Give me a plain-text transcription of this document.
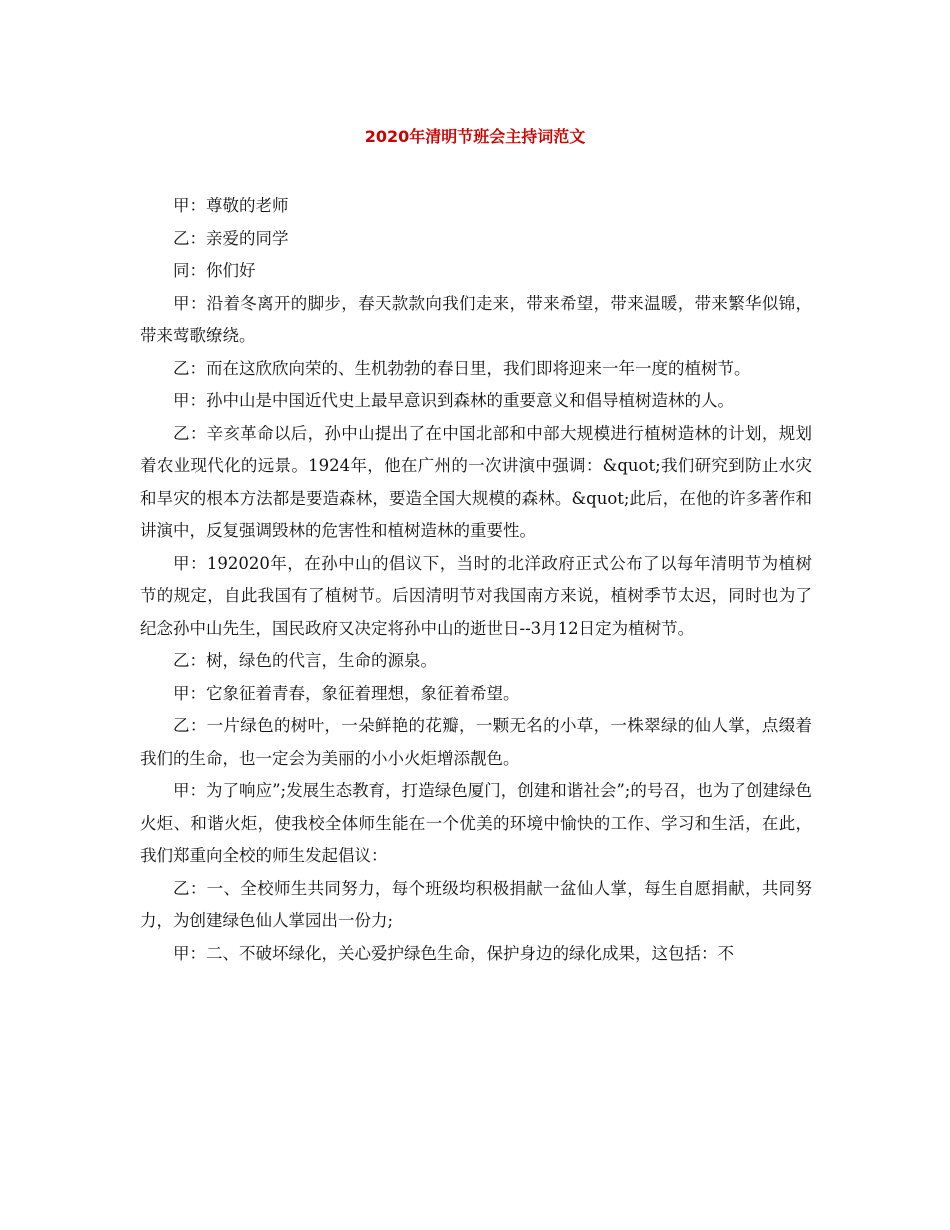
2020年清明节班会主持词范文

甲：尊敬的老师

乙：亲爱的同学

同：你们好

甲：沿着冬离开的脚步，春天款款向我们走来，带来希望，带来温暖，带来繁华似锦，带来莺歌缭绕。

乙：而在这欣欣向荣的、生机勃勃的春日里，我们即将迎来一年一度的植树节。

甲：孙中山是中国近代史上最早意识到森林的重要意义和倡导植树造林的人。

乙：辛亥革命以后，孙中山提出了在中国北部和中部大规模进行植树造林的计划，规划着农业现代化的远景。1924年，他在广州的一次讲演中强调：&quot;我们研究到防止水灾和旱灾的根本方法都是要造森林，要造全国大规模的森林。&quot;此后，在他的许多著作和讲演中，反复强调毁林的危害性和植树造林的重要性。

甲：192020年，在孙中山的倡议下，当时的北洋政府正式公布了以每年清明节为植树节的规定，自此我国有了植树节。后因清明节对我国南方来说，植树季节太迟，同时也为了纪念孙中山先生，国民政府又决定将孙中山的逝世日--3月12日定为植树节。

乙：树，绿色的代言，生命的源泉。

甲：它象征着青春，象征着理想，象征着希望。

乙：一片绿色的树叶，一朵鲜艳的花瓣，一颗无名的小草，一株翠绿的仙人掌，点缀着我们的生命，也一定会为美丽的小小火炬增添靓色。

甲：为了响应”;发展生态教育，打造绿色厦门，创建和谐社会”;的号召，也为了创建绿色火炬、和谐火炬，使我校全体师生能在一个优美的环境中愉快的工作、学习和生活，在此，我们郑重向全校的师生发起倡议：

乙：一、全校师生共同努力，每个班级均积极捐献一盆仙人掌，每生自愿捐献，共同努力，为创建绿色仙人掌园出一份力;

甲：二、不破坏绿化，关心爱护绿色生命，保护身边的绿化成果，这包括：不
